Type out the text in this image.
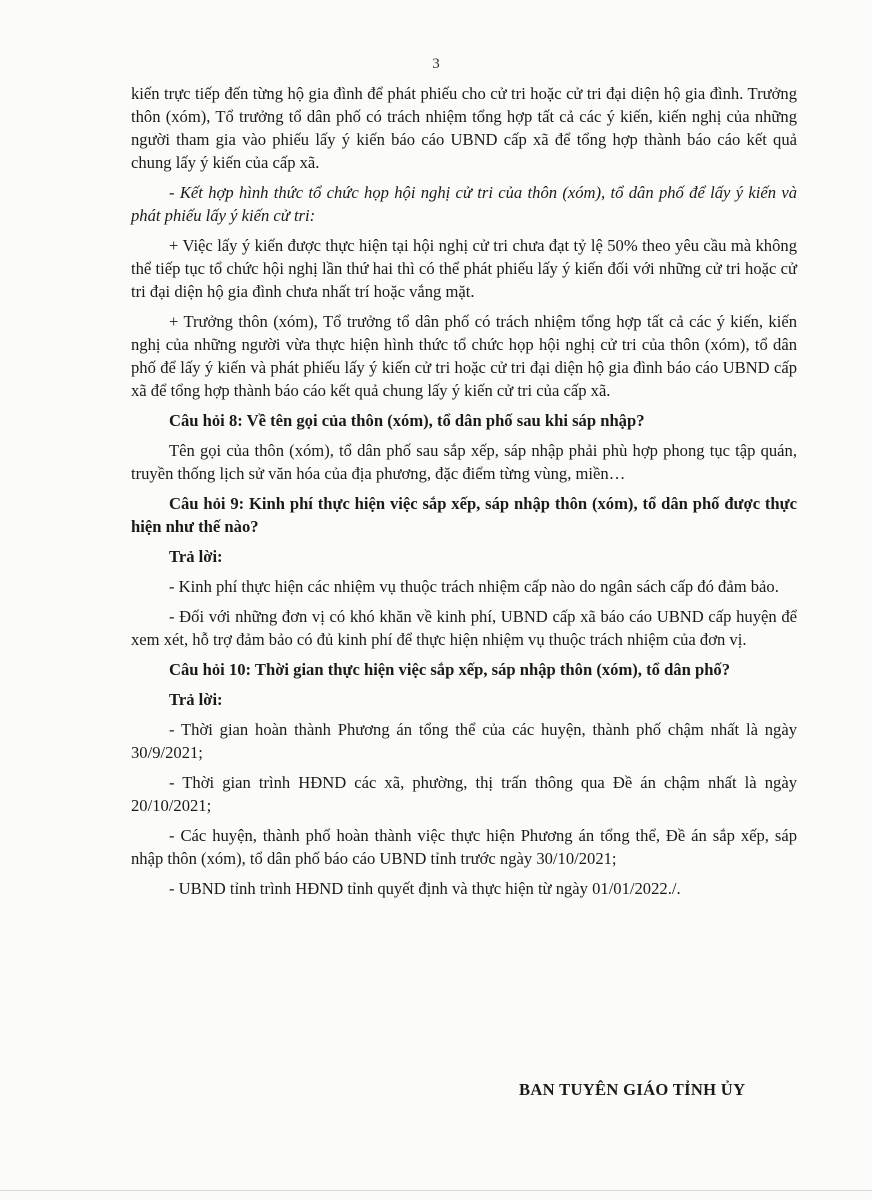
3

kiến trực tiếp đến từng hộ gia đình để phát phiếu cho cử tri hoặc cử tri đại diện hộ gia đình. Trưởng thôn (xóm), Tổ trưởng tổ dân phố có trách nhiệm tổng hợp tất cả các ý kiến, kiến nghị của những người tham gia vào phiếu lấy ý kiến báo cáo UBND cấp xã để tổng hợp thành báo cáo kết quả chung lấy ý kiến của cấp xã.

- Kết hợp hình thức tổ chức họp hội nghị cử tri của thôn (xóm), tổ dân phố để lấy ý kiến và phát phiếu lấy ý kiến cử tri:

+ Việc lấy ý kiến được thực hiện tại hội nghị cử tri chưa đạt tỷ lệ 50% theo yêu cầu mà không thể tiếp tục tổ chức hội nghị lần thứ hai thì có thể phát phiếu lấy ý kiến đối với những cử tri hoặc cử tri đại diện hộ gia đình chưa nhất trí hoặc vắng mặt.

+ Trưởng thôn (xóm), Tổ trưởng tổ dân phố có trách nhiệm tổng hợp tất cả các ý kiến, kiến nghị của những người vừa thực hiện hình thức tổ chức họp hội nghị cử tri của thôn (xóm), tổ dân phố để lấy ý kiến và phát phiếu lấy ý kiến cử tri hoặc cử tri đại diện hộ gia đình báo cáo UBND cấp xã để tổng hợp thành báo cáo kết quả chung lấy ý kiến cử tri của cấp xã.

Câu hỏi 8: Về tên gọi của thôn (xóm), tổ dân phố sau khi sáp nhập?

Tên gọi của thôn (xóm), tổ dân phố sau sắp xếp, sáp nhập phải phù hợp phong tục tập quán, truyền thống lịch sử văn hóa của địa phương, đặc điểm từng vùng, miền…

Câu hỏi 9: Kinh phí thực hiện việc sắp xếp, sáp nhập thôn (xóm), tổ dân phố được thực hiện như thế nào?

Trả lời:

- Kinh phí thực hiện các nhiệm vụ thuộc trách nhiệm cấp nào do ngân sách cấp đó đảm bảo.

- Đối với những đơn vị có khó khăn về kinh phí, UBND cấp xã báo cáo UBND cấp huyện để xem xét, hỗ trợ đảm bảo có đủ kinh phí để thực hiện nhiệm vụ thuộc trách nhiệm của đơn vị.

Câu hỏi 10: Thời gian thực hiện việc sắp xếp, sáp nhập thôn (xóm), tổ dân phố?

Trả lời:

- Thời gian hoàn thành Phương án tổng thể của các huyện, thành phố chậm nhất là ngày 30/9/2021;

- Thời gian trình HĐND các xã, phường, thị trấn thông qua Đề án chậm nhất là ngày 20/10/2021;

- Các huyện, thành phố hoàn thành việc thực hiện Phương án tổng thể, Đề án sắp xếp, sáp nhập thôn (xóm), tổ dân phố báo cáo UBND tỉnh trước ngày 30/10/2021;

- UBND tỉnh trình HĐND tỉnh quyết định và thực hiện từ ngày 01/01/2022./.

BAN TUYÊN GIÁO TỈNH ỦY
